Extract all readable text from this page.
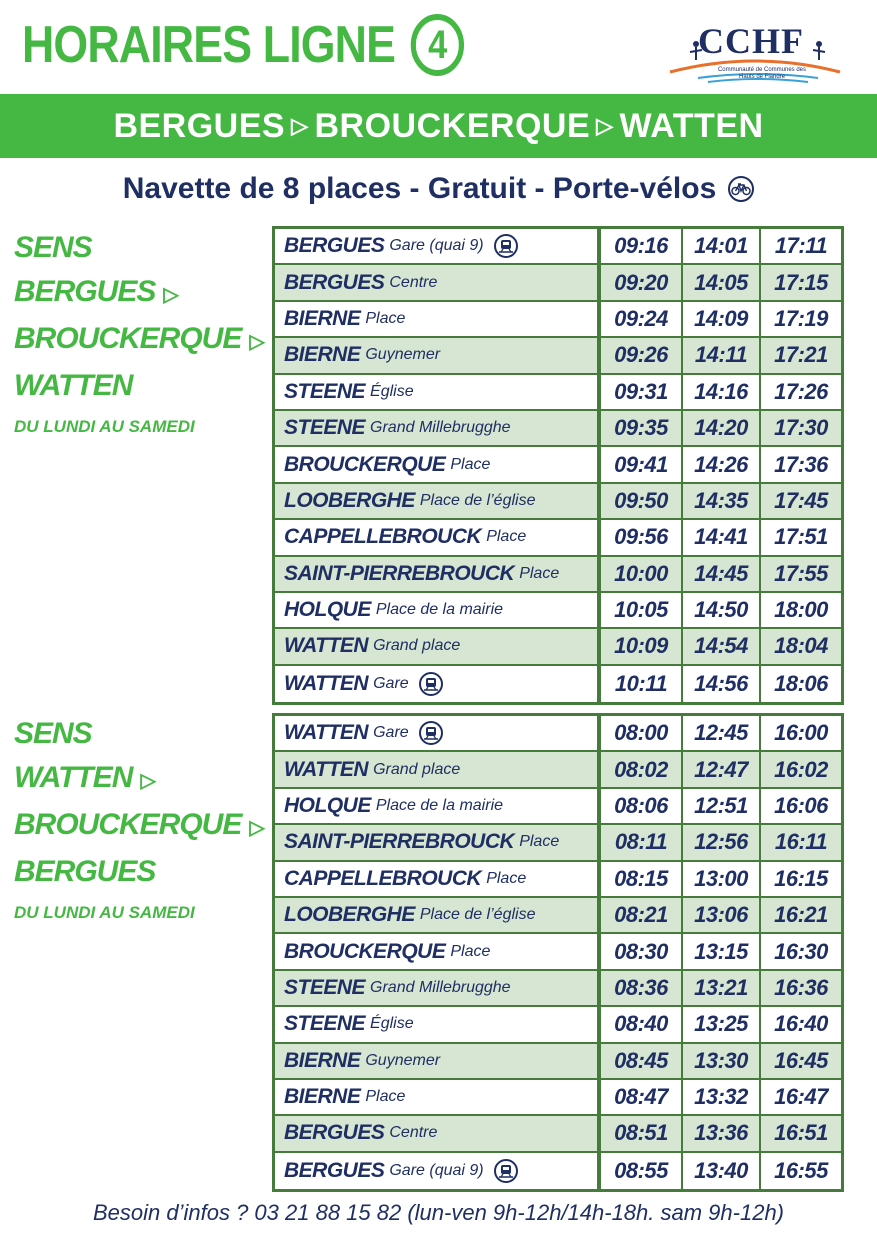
HORAIRES LIGNE 4	CCHF
Communauté de Communes des Hauts de Flandre
BERGUES ▷ BROUCKERQUE ▷ WATTEN
Navette de 8 places - Gratuit - Porte-vélos
SENS
BERGUES ▷
BROUCKERQUE ▷
WATTEN
DU LUNDI AU SAMEDI
BERGUES Gare (quai 9)	09:16	14:01	17:11
BERGUES Centre	09:20	14:05	17:15
BIERNE Place	09:24	14:09	17:19
BIERNE Guynemer	09:26	14:11	17:21
STEENE Église	09:31	14:16	17:26
STEENE Grand Millebrugghe	09:35	14:20	17:30
BROUCKERQUE Place	09:41	14:26	17:36
LOOBERGHE Place de l’église	09:50	14:35	17:45
CAPPELLEBROUCK Place	09:56	14:41	17:51
SAINT-PIERREBROUCK Place	10:00	14:45	17:55
HOLQUE Place de la mairie	10:05	14:50	18:00
WATTEN Grand place	10:09	14:54	18:04
WATTEN Gare	10:11	14:56	18:06
SENS
WATTEN ▷
BROUCKERQUE ▷
BERGUES
DU LUNDI AU SAMEDI
WATTEN Gare	08:00	12:45	16:00
WATTEN Grand place	08:02	12:47	16:02
HOLQUE Place de la mairie	08:06	12:51	16:06
SAINT-PIERREBROUCK Place	08:11	12:56	16:11
CAPPELLEBROUCK Place	08:15	13:00	16:15
LOOBERGHE Place de l’église	08:21	13:06	16:21
BROUCKERQUE Place	08:30	13:15	16:30
STEENE Grand Millebrugghe	08:36	13:21	16:36
STEENE Église	08:40	13:25	16:40
BIERNE Guynemer	08:45	13:30	16:45
BIERNE Place	08:47	13:32	16:47
BERGUES Centre	08:51	13:36	16:51
BERGUES Gare (quai 9)	08:55	13:40	16:55
Besoin d’infos ? 03 21 88 15 82 (lun-ven 9h-12h/14h-18h. sam 9h-12h)
